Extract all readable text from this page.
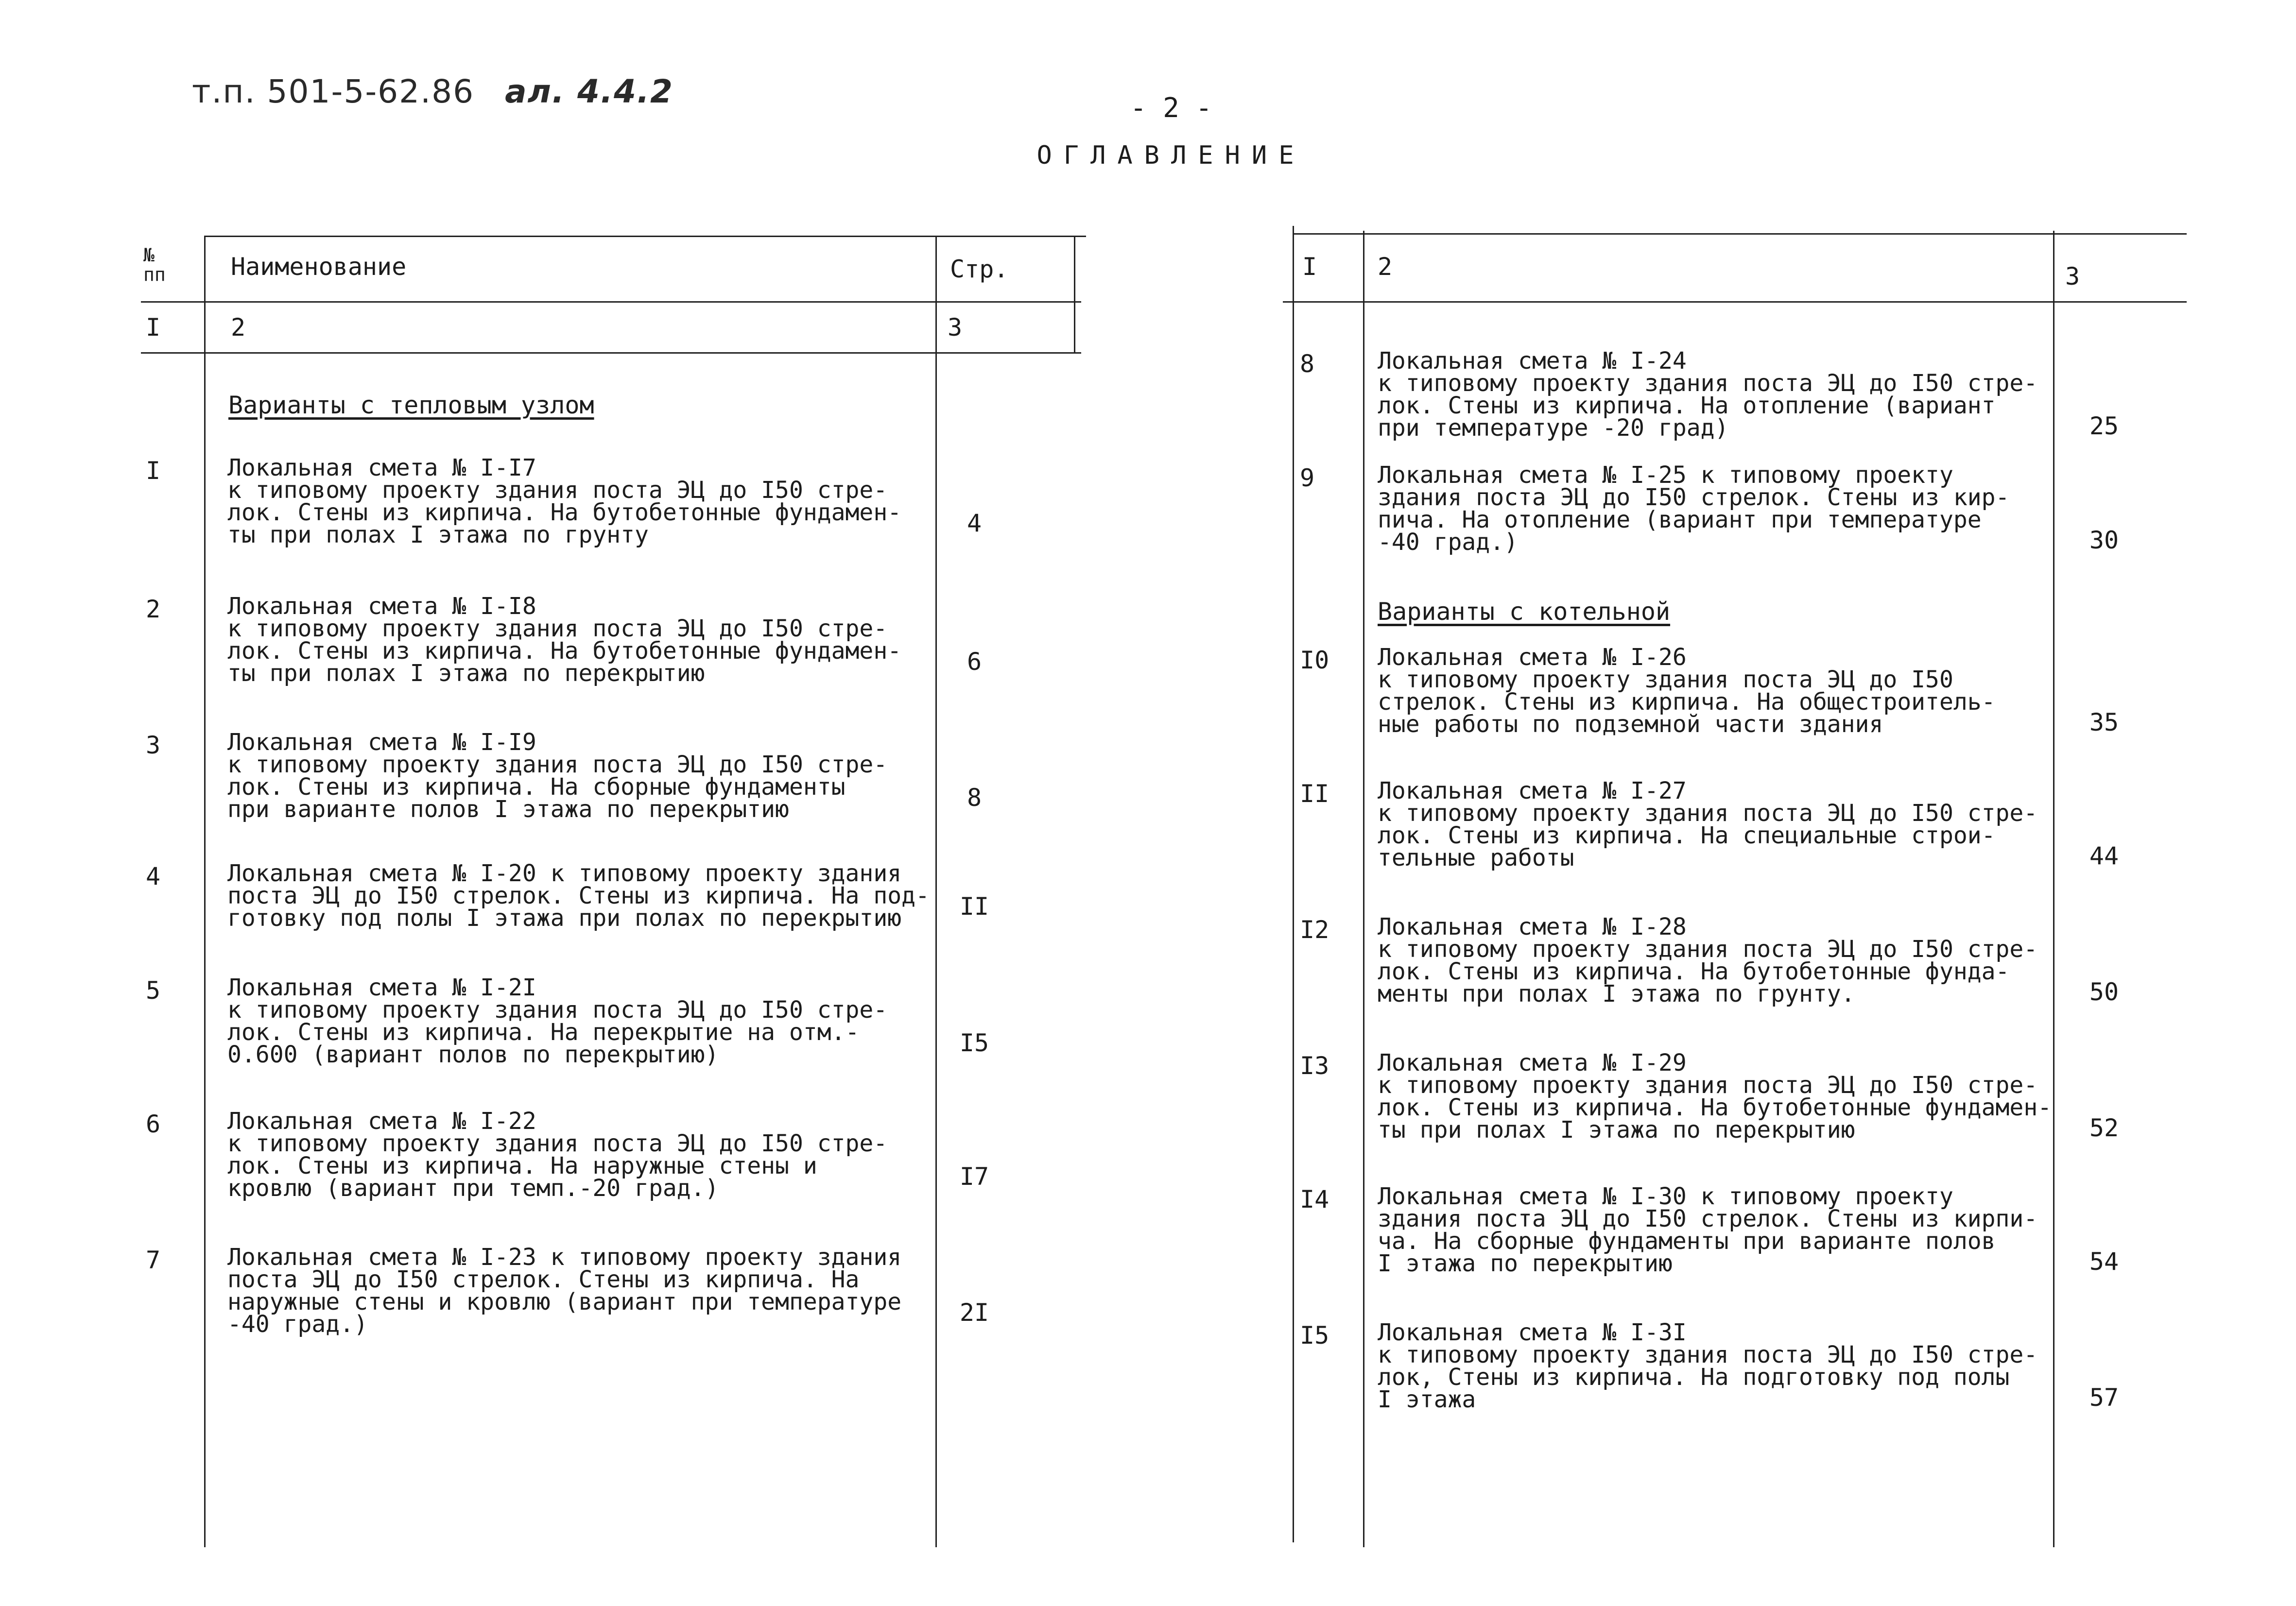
т.п. 501-5-62.86 ал. 4.4.2	- 2 -
ОГЛАВЛЕНИЕ
№
пп	Наименование	Стр.
I	2	3
Варианты с тепловым узлом
I	Локальная смета № I-I7
к типовому проекту здания поста ЭЦ до I50 стре-
лок. Стены из кирпича. На бутобетонные фундамен-
ты при полах I этажа по грунту	4
2	Локальная смета № I-I8
к типовому проекту здания поста ЭЦ до I50 стре-
лок. Стены из кирпича. На бутобетонные фундамен-
ты при полах I этажа по перекрытию	6
3	Локальная смета № I-I9
к типовому проекту здания поста ЭЦ до I50 стре-
лок. Стены из кирпича. На сборные фундаменты
при варианте полов I этажа по перекрытию	8
4	Локальная смета № I-20 к типовому проекту здания
поста ЭЦ до I50 стрелок. Стены из кирпича. На под-
готовку под полы I этажа при полах по перекрытию	II
5	Локальная смета № I-2I
к типовому проекту здания поста ЭЦ до I50 стре-
лок. Стены из кирпича. На перекрытие на отм.-
0.600 (вариант полов по перекрытию)	I5
6	Локальная смета № I-22
к типовому проекту здания поста ЭЦ до I50 стре-
лок. Стены из кирпича. На наружные стены и
кровлю (вариант при темп.-20 град.)	I7
7	Локальная смета № I-23 к типовому проекту здания
поста ЭЦ до I50 стрелок. Стены из кирпича. На
наружные стены и кровлю (вариант при температуре
-40 град.)	2I
I 2	3
Варианты с котельной
8	Локальная смета № I-24
к типовому проекту здания поста ЭЦ до I50 стре-
лок. Стены из кирпича. На отопление (вариант
при температуре -20 град)	25
9	Локальная смета № I-25 к типовому проекту
здания поста ЭЦ до I50 стрелок. Стены из кир-
пича. На отопление (вариант при температуре
-40 град.)	30
I0 Локальная смета № I-26
к типовому проекту здания поста ЭЦ до I50
стрелок. Стены из кирпича. На общестроитель-
ные работы по подземной части здания	35
II Локальная смета № I-27
к типовому проекту здания поста ЭЦ до I50 стре-
лок. Стены из кирпича. На специальные строи-
тельные работы	44
I2 Локальная смета № I-28
к типовому проекту здания поста ЭЦ до I50 стре-
лок. Стены из кирпича. На бутобетонные фунда-
менты при полах I этажа по грунту.	50
I3 Локальная смета № I-29
к типовому проекту здания поста ЭЦ до I50 стре-
лок. Стены из кирпича. На бутобетонные фундамен-
ты при полах I этажа по перекрытию	52
I4 Локальная смета № I-30 к типовому проекту
здания поста ЭЦ до I50 стрелок. Стены из кирпи-
ча. На сборные фундаменты при варианте полов
I этажа по перекрытию	54
I5 Локальная смета № I-3I
к типовому проекту здания поста ЭЦ до I50 стре-
лок, Стены из кирпича. На подготовку под полы
I этажа	57
